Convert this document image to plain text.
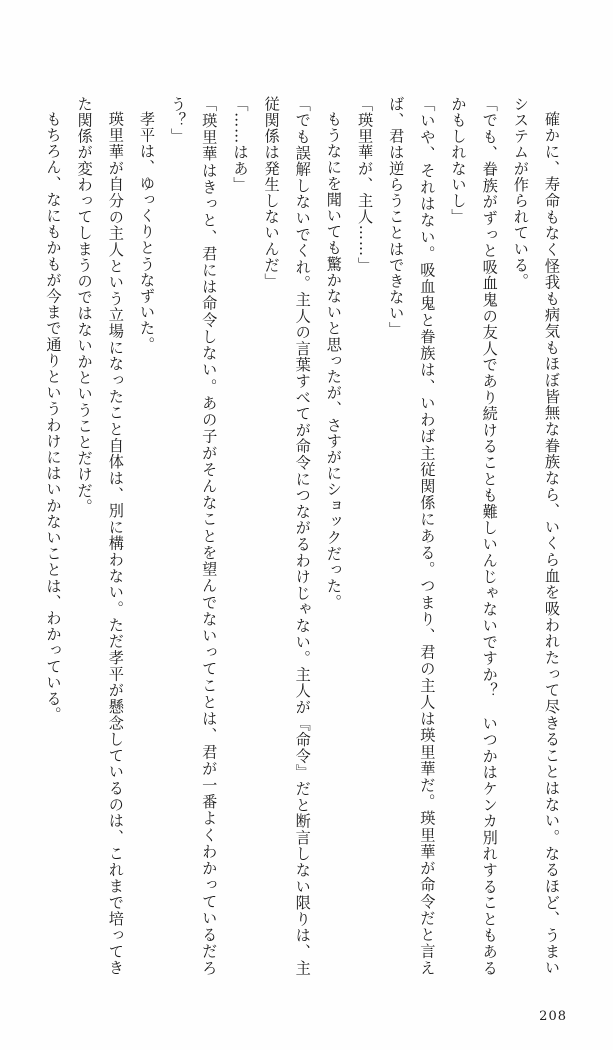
確かに、寿命もなく怪我も病気もほぼ皆無な眷族なら、いくら血を吸われたって尽きることはない。なるほど、うまいシステムが作られている。

「でも、眷族がずっと吸血鬼の友人であり続けることも難しいんじゃないですか？　いつかはケンカ別れすることもあるかもしれないし」

「いや、それはない。吸血鬼と眷族は、いわば主従関係にある。つまり、君の主人は瑛里華だ。瑛里華が命令だと言えば、君は逆らうことはできない」

「瑛里華が、主人……」

もうなにを聞いても驚かないと思ったが、さすがにショックだった。

「でも誤解しないでくれ。主人の言葉すべてが命令につながるわけじゃない。主人が『命令』だと断言しない限りは、主従関係は発生しないんだ」

「……はあ」

「瑛里華はきっと、君には命令しない。あの子がそんなことを望んでないってことは、君が一番よくわかっているだろう？」

孝平は、ゆっくりとうなずいた。

瑛里華が自分の主人という立場になったこと自体は、別に構わない。ただ孝平が懸念しているのは、これまで培ってきた関係が変わってしまうのではないかということだけだ。

もちろん、なにもかもが今まで通りというわけにはいかないことは、わかっている。

208
